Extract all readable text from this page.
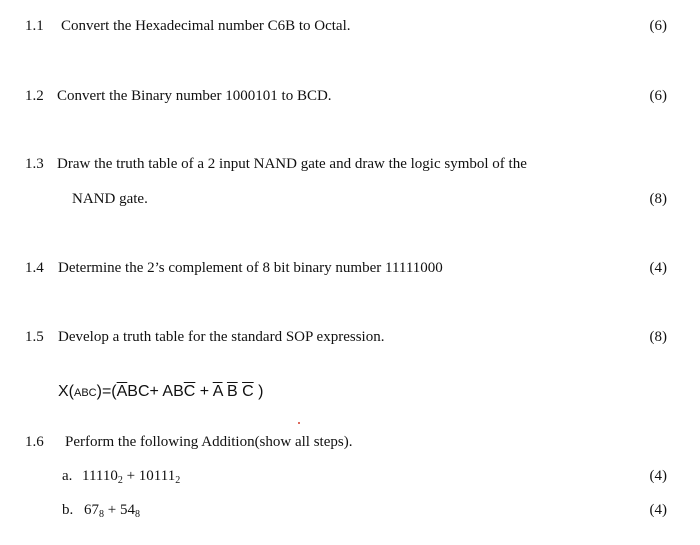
1.1 Convert the Hexadecimal number C6B to Octal.	(6)
1.2 Convert the Binary number 1000101 to BCD.	(6)
1.3 Draw the truth table of a 2 input NAND gate and draw the logic symbol of the
NAND gate.	(8)
1.4 Determine the 2’s complement of 8 bit binary number 11111000	(4)
1.5 Develop a truth table for the standard SOP expression.	(8)
$X(ABC)=(\overline{A}BC+ AB\overline{C} + \overline{A}$ $\overline{B}$ $\overline{C}$ )
1.6 Perform the following Addition(show all steps).
a. $11110_2 + 10111_2$	(4)
b. $67_8 + 54_8$	(4)
